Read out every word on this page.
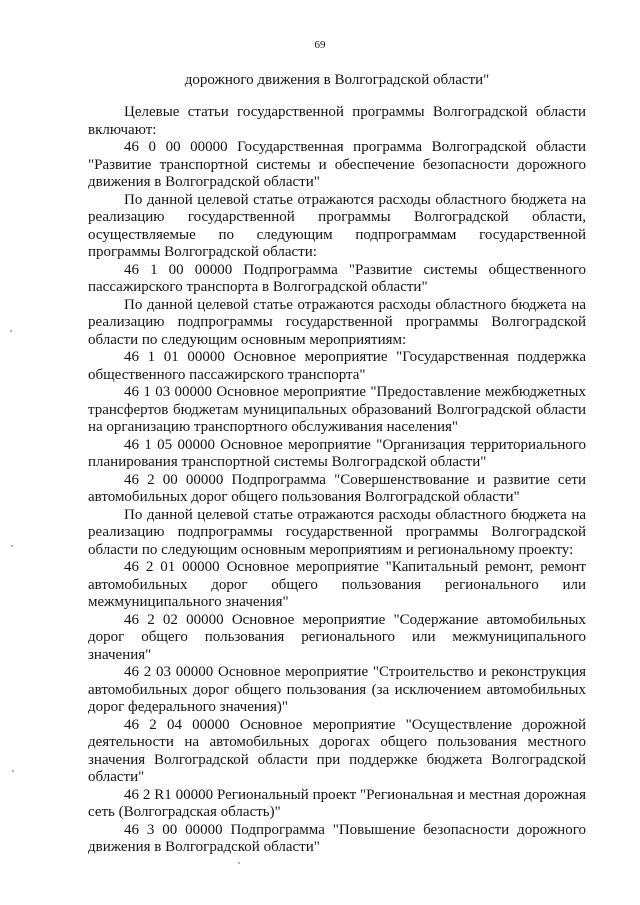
69
дорожного движения в Волгоградской области"

Целевые статьи государственной программы Волгоградской области включают:

46 0 00 00000 Государственная программа Волгоградской области "Развитие транспортной системы и обеспечение безопасности дорожного движения в Волгоградской области"

По данной целевой статье отражаются расходы областного бюджета на реализацию государственной программы Волгоградской области, осуществляемые по следующим подпрограммам государственной программы Волгоградской области:

46 1 00 00000 Подпрограмма "Развитие системы общественного пассажирского транспорта в Волгоградской области"

По данной целевой статье отражаются расходы областного бюджета на реализацию подпрограммы государственной программы Волгоградской области по следующим основным мероприятиям:

46 1 01 00000 Основное мероприятие "Государственная поддержка общественного пассажирского транспорта"

46 1 03 00000 Основное мероприятие "Предоставление межбюджетных трансфертов бюджетам муниципальных образований Волгоградской области на организацию транспортного обслуживания населения"

46 1 05 00000 Основное мероприятие "Организация территориального планирования транспортной системы Волгоградской области"

46 2 00 00000 Подпрограмма "Совершенствование и развитие сети автомобильных дорог общего пользования Волгоградской области"

По данной целевой статье отражаются расходы областного бюджета на реализацию подпрограммы государственной программы Волгоградской области по следующим основным мероприятиям и региональному проекту:

46 2 01 00000 Основное мероприятие "Капитальный ремонт, ремонт автомобильных дорог общего пользования регионального или межмуниципального значения"

46 2 02 00000 Основное мероприятие "Содержание автомобильных дорог общего пользования регионального или межмуниципального значения"

46 2 03 00000 Основное мероприятие "Строительство и реконструкция автомобильных дорог общего пользования (за исключением автомобильных дорог федерального значения)"

46 2 04 00000 Основное мероприятие "Осуществление дорожной деятельности на автомобильных дорогах общего пользования местного значения Волгоградской области при поддержке бюджета Волгоградской области"

46 2 R1 00000 Региональный проект "Региональная и местная дорожная сеть (Волгоградская область)"

46 3 00 00000 Подпрограмма "Повышение безопасности дорожного движения в Волгоградской области"
